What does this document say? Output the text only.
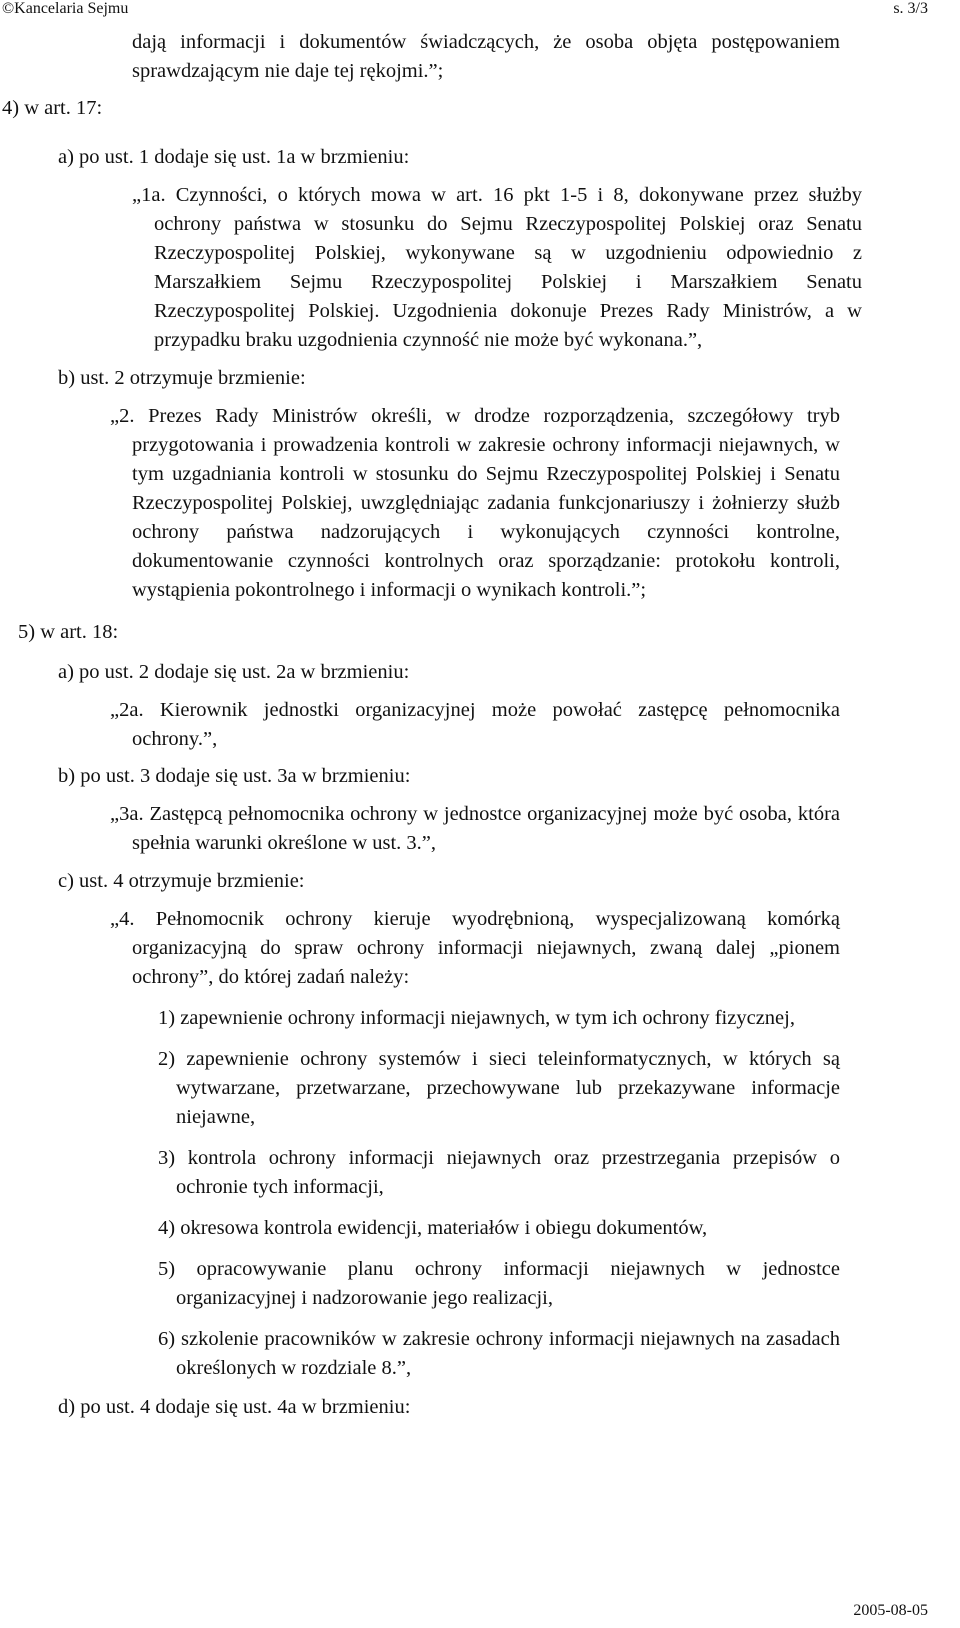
©Kancelaria Sejmu	s. 3/3
dają informacji i dokumentów świadczących, że osoba objęta postępowaniem sprawdzającym nie daje tej rękojmi.”;
4) w art. 17:
a) po ust. 1 dodaje się ust. 1a w brzmieniu:
„1a. Czynności, o których mowa w art. 16 pkt 1-5 i 8, dokonywane przez służby ochrony państwa w stosunku do Sejmu Rzeczypospolitej Polskiej oraz Senatu Rzeczypospolitej Polskiej, wykonywane są w uzgodnieniu odpowiednio z Marszałkiem Sejmu Rzeczypospolitej Polskiej i Marszałkiem Senatu Rzeczypospolitej Polskiej. Uzgodnienia dokonuje Prezes Rady Ministrów, a w przypadku braku uzgodnienia czynność nie może być wykonana.”,
b) ust. 2 otrzymuje brzmienie:
„2. Prezes Rady Ministrów określi, w drodze rozporządzenia, szczegółowy tryb przygotowania i prowadzenia kontroli w zakresie ochrony informacji niejawnych, w tym uzgadniania kontroli w stosunku do Sejmu Rzeczypospolitej Polskiej i Senatu Rzeczypospolitej Polskiej, uwzględniając zadania funkcjonariuszy i żołnierzy służb ochrony państwa nadzorujących i wykonujących czynności kontrolne, dokumentowanie czynności kontrolnych oraz sporządzanie: protokołu kontroli, wystąpienia pokontrolnego i informacji o wynikach kontroli.”;
5) w art. 18:
a) po ust. 2 dodaje się ust. 2a w brzmieniu:
„2a. Kierownik jednostki organizacyjnej może powołać zastępcę pełnomocnika ochrony.”,
b) po ust. 3 dodaje się ust. 3a w brzmieniu:
„3a. Zastępcą pełnomocnika ochrony w jednostce organizacyjnej może być osoba, która spełnia warunki określone w ust. 3.”,
c) ust. 4 otrzymuje brzmienie:
„4. Pełnomocnik ochrony kieruje wyodrębnioną, wyspecjalizowaną komórką organizacyjną do spraw ochrony informacji niejawnych, zwaną dalej „pionem ochrony”, do której zadań należy:
1) zapewnienie ochrony informacji niejawnych, w tym ich ochrony fizycznej,
2) zapewnienie ochrony systemów i sieci teleinformatycznych, w których są wytwarzane, przetwarzane, przechowywane lub przekazywane informacje niejawne,
3) kontrola ochrony informacji niejawnych oraz przestrzegania przepisów o ochronie tych informacji,
4) okresowa kontrola ewidencji, materiałów i obiegu dokumentów,
5) opracowywanie planu ochrony informacji niejawnych w jednostce organizacyjnej i nadzorowanie jego realizacji,
6) szkolenie pracowników w zakresie ochrony informacji niejawnych na zasadach określonych w rozdziale 8.”,
d) po ust. 4 dodaje się ust. 4a w brzmieniu:
2005-08-05
